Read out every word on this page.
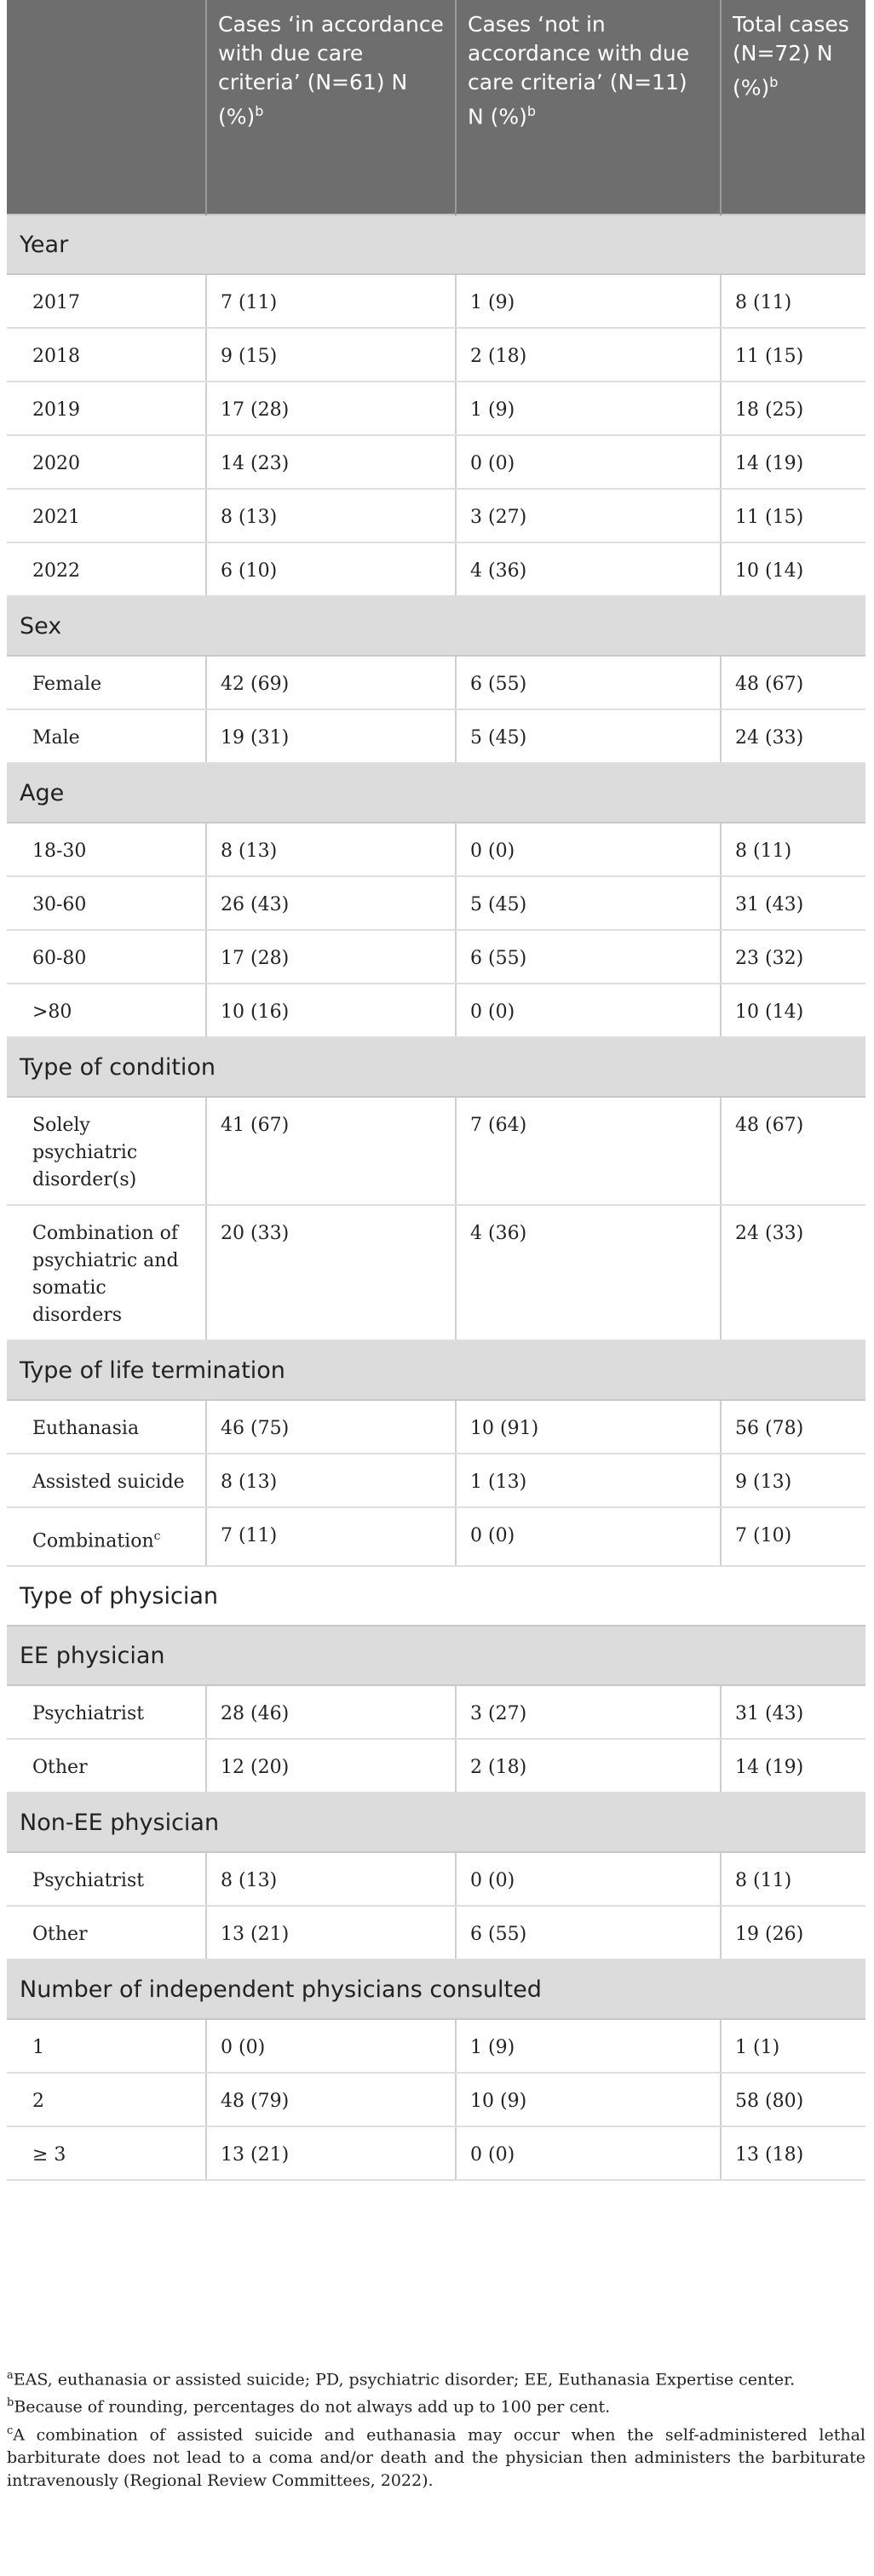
	Cases ‘in accordance with due care criteria’ (N=61) N (%)$^b$	Cases ‘not in accordance with due care criteria’ (N=11) N (%)$^b$	Total cases (N=72) N (%)$^b$
Year			
2017	7 (11)	1 (9)	8 (11)
2018	9 (15)	2 (18)	11 (15)
2019	17 (28)	1 (9)	18 (25)
2020	14 (23)	0 (0)	14 (19)
2021	8 (13)	3 (27)	11 (15)
2022	6 (10)	4 (36)	10 (14)
Sex			
Female	42 (69)	6 (55)	48 (67)
Male	19 (31)	5 (45)	24 (33)
Age			
18-30	8 (13)	0 (0)	8 (11)
30-60	26 (43)	5 (45)	31 (43)
60-80	17 (28)	6 (55)	23 (32)
>80	10 (16)	0 (0)	10 (14)
Type of condition			
Solely psychiatric disorder(s)	41 (67)	7 (64)	48 (67)
Combination of psychiatric and somatic disorders	20 (33)	4 (36)	24 (33)
Type of life termination			
Euthanasia	46 (75)	10 (91)	56 (78)
Assisted suicide	8 (13)	1 (13)	9 (13)
Combination$^c$	7 (11)	0 (0)	7 (10)
Type of physician			
EE physician			
Psychiatrist	28 (46)	3 (27)	31 (43)
Other	12 (20)	2 (18)	14 (19)
Non-EE physician			
Psychiatrist	8 (13)	0 (0)	8 (11)
Other	13 (21)	6 (55)	19 (26)
Number of independent physicians consulted			
1	0 (0)	1 (9)	1 (1)
2	48 (79)	10 (9)	58 (80)
≥ 3	13 (21)	0 (0)	13 (18)
$^a$EAS, euthanasia or assisted suicide; PD, psychiatric disorder; EE, Euthanasia Expertise center.
$^b$Because of rounding, percentages do not always add up to 100 per cent.
$^c$A combination of assisted suicide and euthanasia may occur when the self-administered lethal barbiturate does not lead to a coma and/or death and the physician then administers the barbiturate intravenously (Regional Review Committees, 2022).
